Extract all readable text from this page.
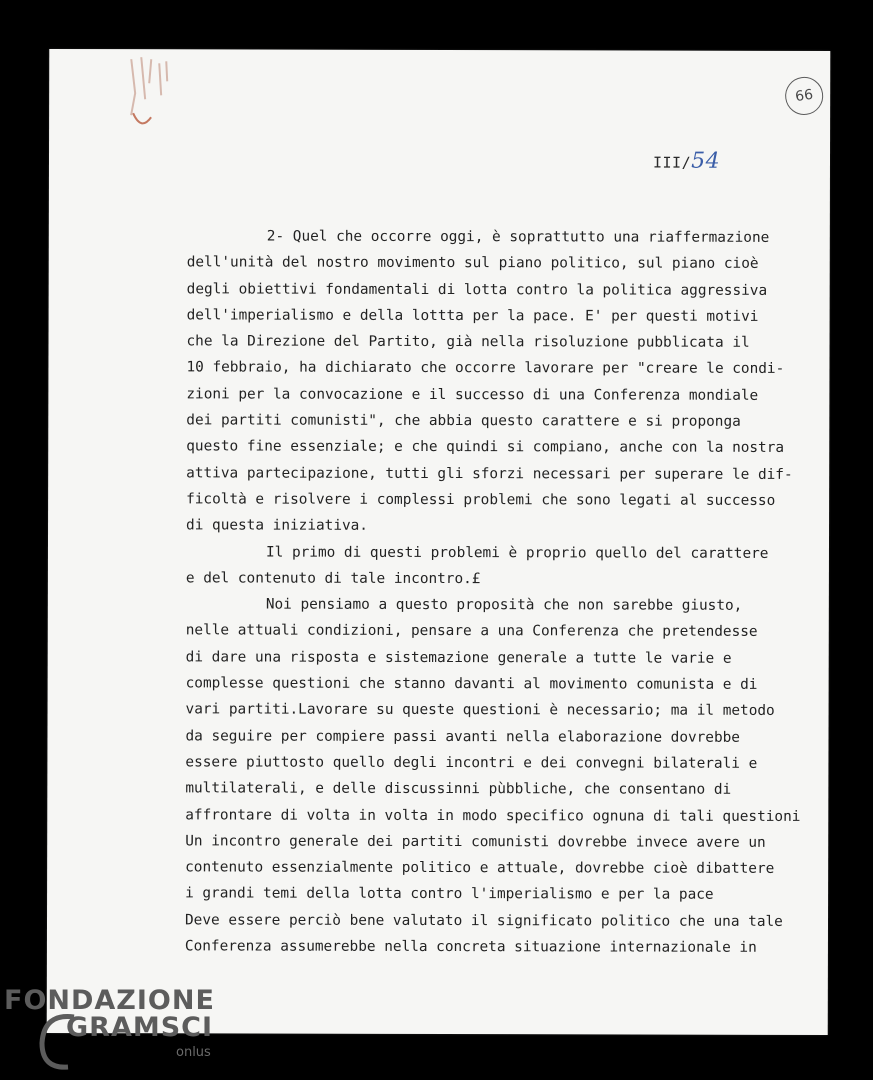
66
III/54
2- Quel che occorre oggi, è soprattutto una riaffermazione
dell'unità del nostro movimento sul piano politico, sul piano cioè
degli obiettivi fondamentali di lotta contro la politica aggressiva
dell'imperialismo e della lottta per la pace. E' per questi motivi
che la Direzione del Partito, già nella risoluzione pubblicata il
10 febbraio, ha dichiarato che occorre lavorare per "creare le condi-
zioni per la convocazione e il successo di una Conferenza mondiale
dei partiti comunisti", che abbia questo carattere e si proponga
questo fine essenziale; e che quindi si compiano, anche con la nostra
attiva partecipazione, tutti gli sforzi necessari per superare le dif-
ficoltà e risolvere i complessi problemi che sono legati al successo
di questa iniziativa.
Il primo di questi problemi è proprio quello del carattere
e del contenuto di tale incontro.£
Noi pensiamo a questo proposità che non sarebbe giusto,
nelle attuali condizioni, pensare a una Conferenza che pretendesse
di dare una risposta e sistemazione generale a tutte le varie e
complesse questioni che stanno davanti al movimento comunista e di
vari partiti.Lavorare su queste questioni è necessario; ma il metodo
da seguire per compiere passi avanti nella elaborazione dovrebbe
essere piuttosto quello degli incontri e dei convegni bilaterali e
multilaterali, e delle discussinni pùbbliche, che consentano di
affrontare di volta in volta in modo specifico ognuna di tali questioni
Un incontro generale dei partiti comunisti dovrebbe invece avere un
contenuto essenzialmente politico e attuale, dovrebbe cioè dibattere
i grandi temi della lotta contro l'imperialismo e per la pace
Deve essere perciò bene valutato il significato politico che una tale
Conferenza assumerebbe nella concreta situazione internazionale in
FONDAZIONE
GRAMSCI
onlus
